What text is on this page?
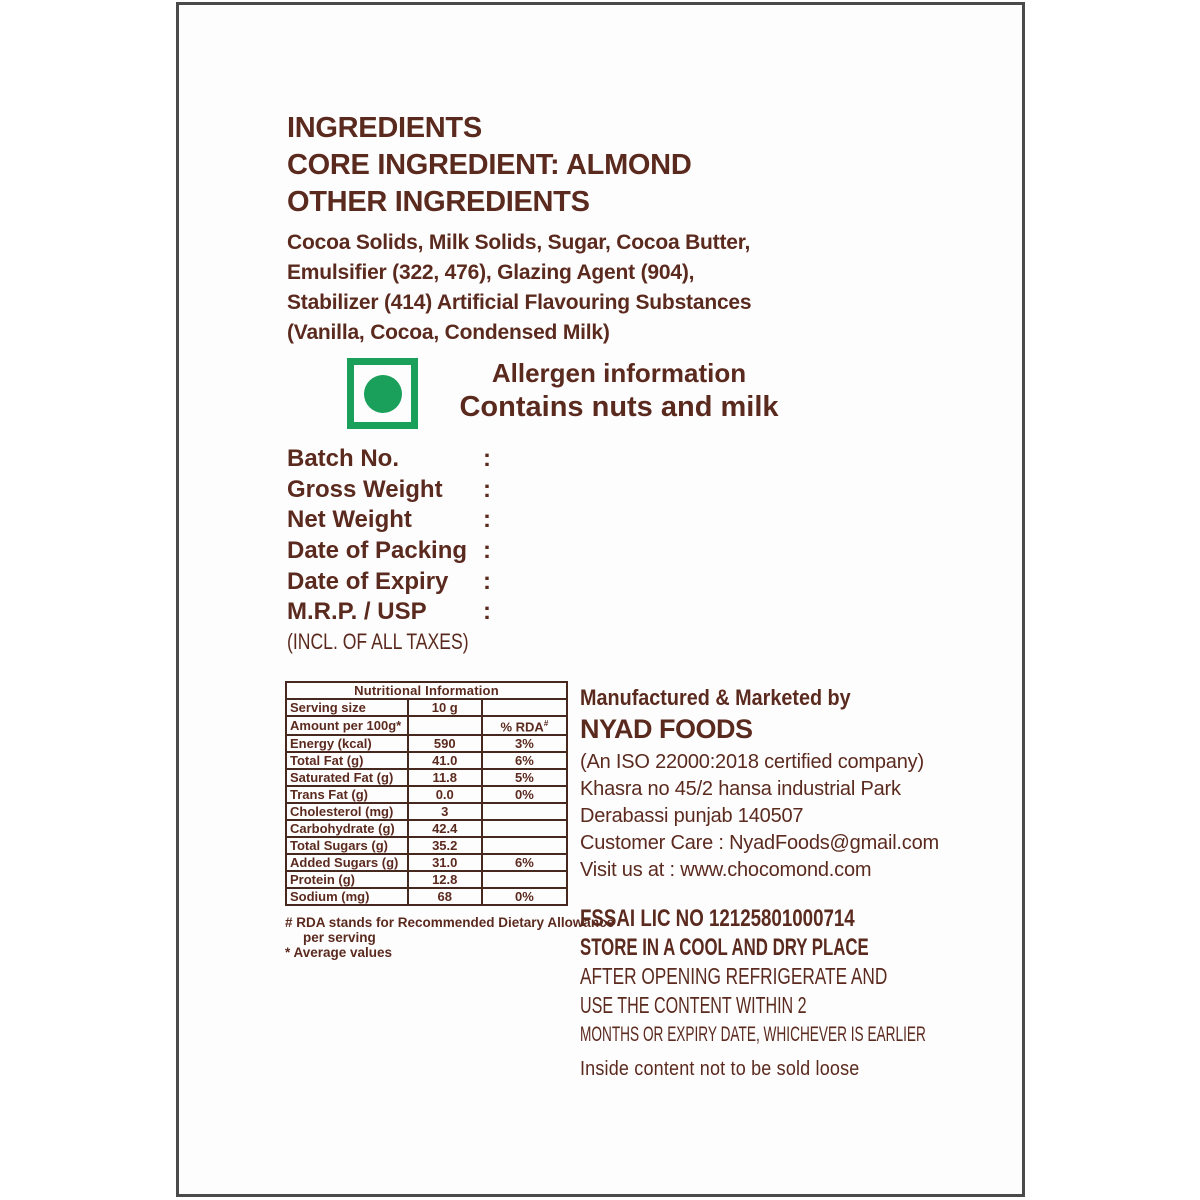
INGREDIENTS
CORE INGREDIENT: ALMOND
OTHER INGREDIENTS
Cocoa Solids, Milk Solids, Sugar, Cocoa Butter,
Emulsifier (322, 476), Glazing Agent (904),
Stabilizer (414) Artificial Flavouring Substances
(Vanilla, Cocoa, Condensed Milk)
Allergen information
Contains nuts and milk
Batch No.	:
Gross Weight	:
Net Weight	:
Date of Packing :
Date of Expiry	:
M.R.P. / USP	:
(INCL. OF ALL TAXES)
Nutritional Information		
Serving size	10 g	
Amount per 100g*		% RDA#
Energy (kcal)	590	3%
Total Fat (g)	41.0	6%
Saturated Fat (g)	11.8	5%
Trans Fat (g)	0.0	0%
Cholesterol (mg)	3	
Carbohydrate (g)	42.4	
Total Sugars (g)	35.2	
Added Sugars (g)	31.0	6%
Protein (g)	12.8	
Sodium (mg)	68	0%
# RDA stands for Recommended Dietary Allowance
per serving
* Average values
Manufactured & Marketed by
NYAD FOODS
(An ISO 22000:2018 certified company)
Khasra no 45/2 hansa industrial Park
Derabassi punjab 140507
Customer Care : NyadFoods@gmail.com
Visit us at : www.chocomond.com
FSSAI LIC NO 12125801000714
STORE IN A COOL AND DRY PLACE
AFTER OPENING REFRIGERATE AND
USE THE CONTENT WITHIN 2
MONTHS OR EXPIRY DATE, WHICHEVER IS EARLIER
Inside content not to be sold loose
